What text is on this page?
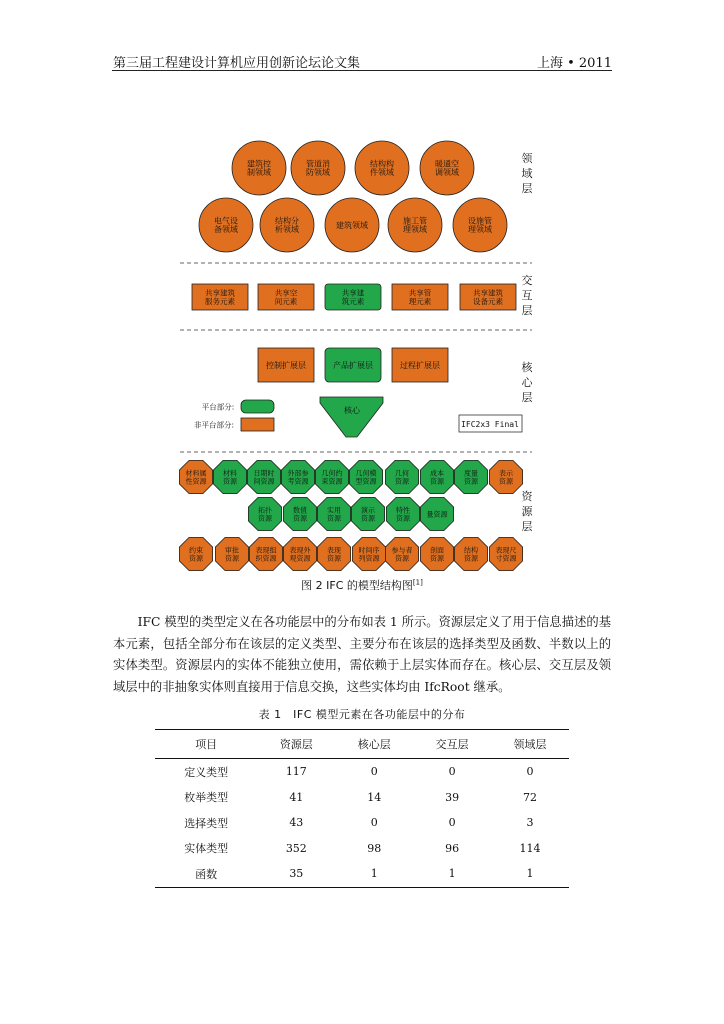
第三届工程建设计算机应用创新论坛论文集	上海 • 2011
领
域
层
交
互
层
核
心
层
资
源
层
建筑控制领域
管道消防领域
结构构件领域
暖通空调领域
电气设备领域
结构分析领域	建筑领域	施工管理领域
设施管理领域
共享建筑服务元素
共享空间元素
共享建筑元素
共享管理元素
共享建筑设备元素
控制扩展层	产品扩展层	过程扩展层
核心
平台部分:
非平台部分:	IFC2x3 Final
材料属性资源
材料资源
日期时间资源
外部参考资源
几何约束资源
几何模型资源
几何资源
成本资源
度量资源
表示资源
拓扑资源
数值资源
实用资源
演示资源
特性资源 量资源
约束资源
审批资源
表现组织资源
表现外观资源
表现资源
时间序列资源
参与者资源
剖面资源
结构资源
表现尺寸资源
图 2 IFC 的模型结构图[1]

IFC 模型的类型定义在各功能层中的分布如表 1 所示。资源层定义了用于信息描述的基本元素，包括全部分布在该层的定义类型、主要分布在该层的选择类型及函数、半数以上的实体类型。资源层内的实体不能独立使用，需依赖于上层实体而存在。核心层、交互层及领域层中的非抽象实体则直接用于信息交换，这些实体均由 IfcRoot 继承。

表 1　IFC 模型元素在各功能层中的分布
项目	资源层	核心层	交互层	领域层
定义类型	117	0	0	0
枚举类型	41	14	39	72
选择类型	43	0	0	3
实体类型	352	98	96	114
函数	35	1	1	1
